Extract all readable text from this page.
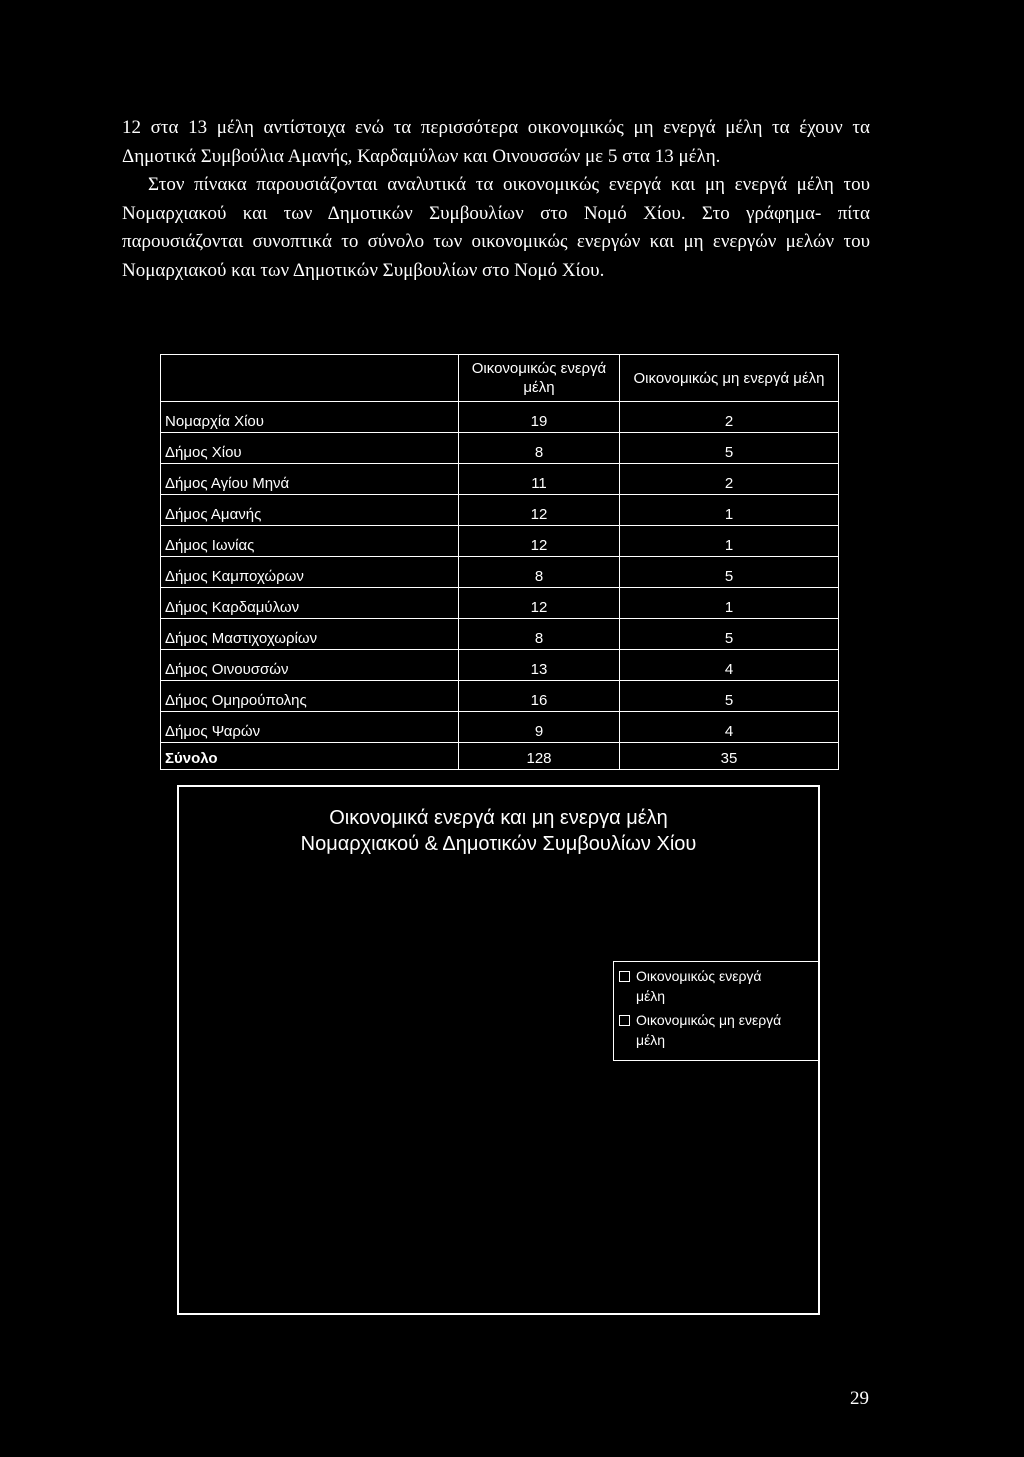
12 στα 13 μέλη αντίστοιχα ενώ τα περισσότερα οικονομικώς μη ενεργά μέλη τα έχουν τα Δημοτικά Συμβούλια Αμανής, Καρδαμύλων και Οινουσσών με 5 στα 13 μέλη.

Στον πίνακα παρουσιάζονται αναλυτικά τα οικονομικώς ενεργά και μη ενεργά μέλη του Νομαρχιακού και των Δημοτικών Συμβουλίων στο Νομό Χίου. Στο γράφημα- πίτα παρουσιάζονται συνοπτικά το σύνολο των οικονομικώς ενεργών και μη ενεργών μελών του Νομαρχιακού και των Δημοτικών Συμβουλίων στο Νομό Χίου.

	Οικονομικώς ενεργά μέλη	Οικονομικώς μη ενεργά μέλη
Νομαρχία Χίου	19	2
Δήμος Χίου	8	5
Δήμος Αγίου Μηνά	11	2
Δήμος Αμανής	12	1
Δήμος Ιωνίας	12	1
Δήμος Καμποχώρων	8	5
Δήμος Καρδαμύλων	12	1
Δήμος Μαστιχοχωρίων	8	5
Δήμος Οινουσσών	13	4
Δήμος Ομηρούπολης	16	5
Δήμος Ψαρών	9	4
Σύνολο	128	35
Οικονομικά ενεργά και μη ενεργα μέλη
Νομαρχιακού & Δημοτικών Συμβουλίων Χίου
Οικονομικώς ενεργά
μέλη
Οικονομικώς μη ενεργά
μέλη
29
